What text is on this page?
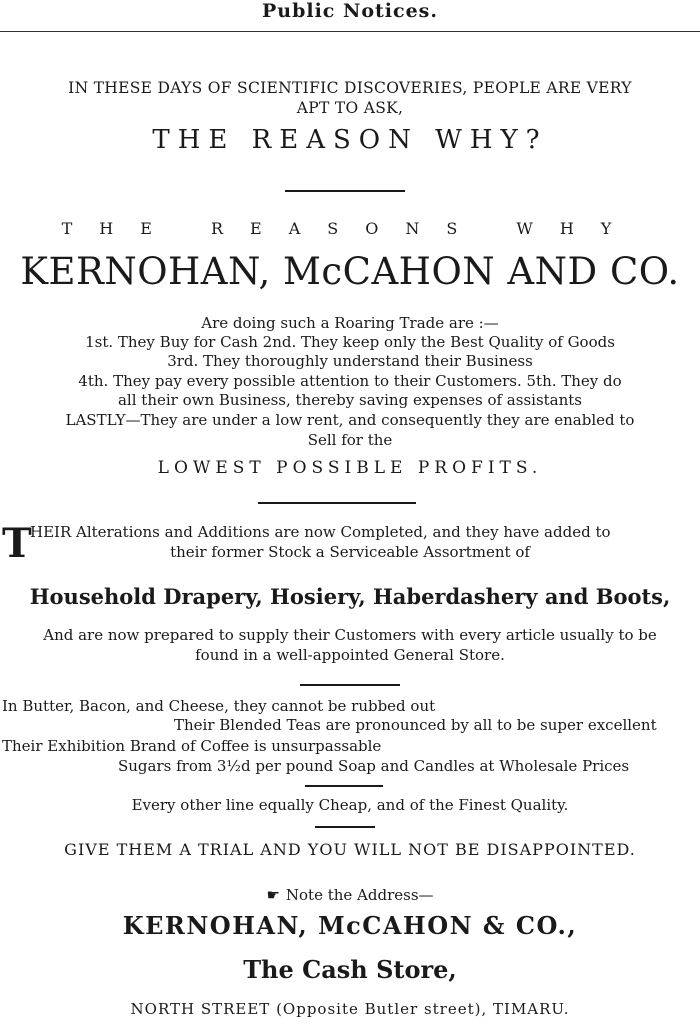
Public Notices.
IN THESE DAYS OF SCIENTIFIC DISCOVERIES, PEOPLE ARE VERY
APT TO ASK,
THE REASON WHY?
THE REASONS WHY
KERNOHAN, McCAHON AND CO.
Are doing such a Roaring Trade are :—
1st. They Buy for Cash 2nd. They keep only the Best Quality of Goods
3rd. They thoroughly understand their Business
4th. They pay every possible attention to their Customers. 5th. They do
all their own Business, thereby saving expenses of assistants
LASTLY—They are under a low rent, and consequently they are enabled to
Sell for the
LOWEST POSSIBLE PROFITS.
T
HEIR Alterations and Additions are now Completed, and they have added to
their former Stock a Serviceable Assortment of
Household Drapery, Hosiery, Haberdashery and Boots,
And are now prepared to supply their Customers with every article usually to be
found in a well-appointed General Store.
In Butter, Bacon, and Cheese, they cannot be rubbed out
Their Blended Teas are pronounced by all to be super excellent
Their Exhibition Brand of Coffee is unsurpassable
Sugars from 3½d per pound Soap and Candles at Wholesale Prices
Every other line equally Cheap, and of the Finest Quality.
GIVE THEM A TRIAL AND YOU WILL NOT BE DISAPPOINTED.
☛ Note the Address—
KERNOHAN, McCAHON & CO.,
The Cash Store,
NORTH STREET (Opposite Butler street), TIMARU.
